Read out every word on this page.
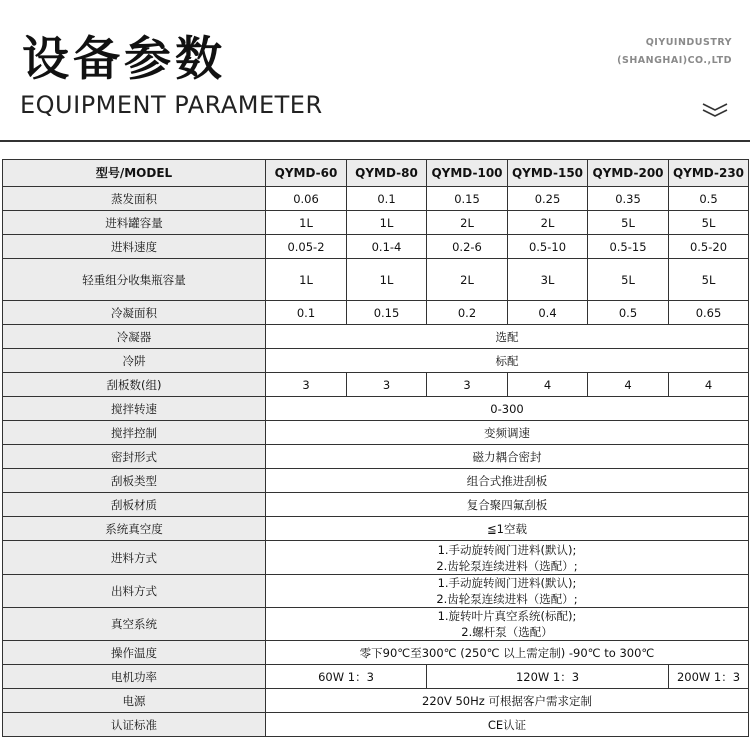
设备参数
EQUIPMENT PARAMETER
QIYUINDUSTRY
(SHANGHAI)CO.,LTD
型号/MODEL	QYMD-60	QYMD-80	QYMD-100	QYMD-150	QYMD-200	QYMD-230
蒸发面积	0.06	0.1	0.15	0.25	0.35	0.5
进料罐容量	1L	1L	2L	2L	5L	5L
进料速度	0.05-2	0.1-4	0.2-6	0.5-10	0.5-15	0.5-20
轻重组分收集瓶容量	1L	1L	2L	3L	5L	5L
冷凝面积	0.1	0.15	0.2	0.4	0.5	0.65
冷凝器	选配					
冷阱	标配					
刮板数(组)	3	3	3	4	4	4
搅拌转速	0-300					
搅拌控制	变频调速					
密封形式	磁力耦合密封					
刮板类型	组合式推进刮板					
刮板材质	复合聚四氟刮板					
系统真空度	≦1空载					
进料方式	1.手动旋转阀门进料(默认);
2.齿轮泵连续进料（选配）;					

出料方式	1.手动旋转阀门进料(默认);
2.齿轮泵连续进料（选配）;					

真空系统	1.旋转叶片真空系统(标配);
2.螺杆泵（选配）					

操作温度	零下90℃至300℃ (250℃ 以上需定制) -90℃ to 300℃					
电机功率	60W 1：3		120W 1：3			200W 1：3
电源	220V 50Hz 可根据客户需求定制					
认证标准	CE认证					
